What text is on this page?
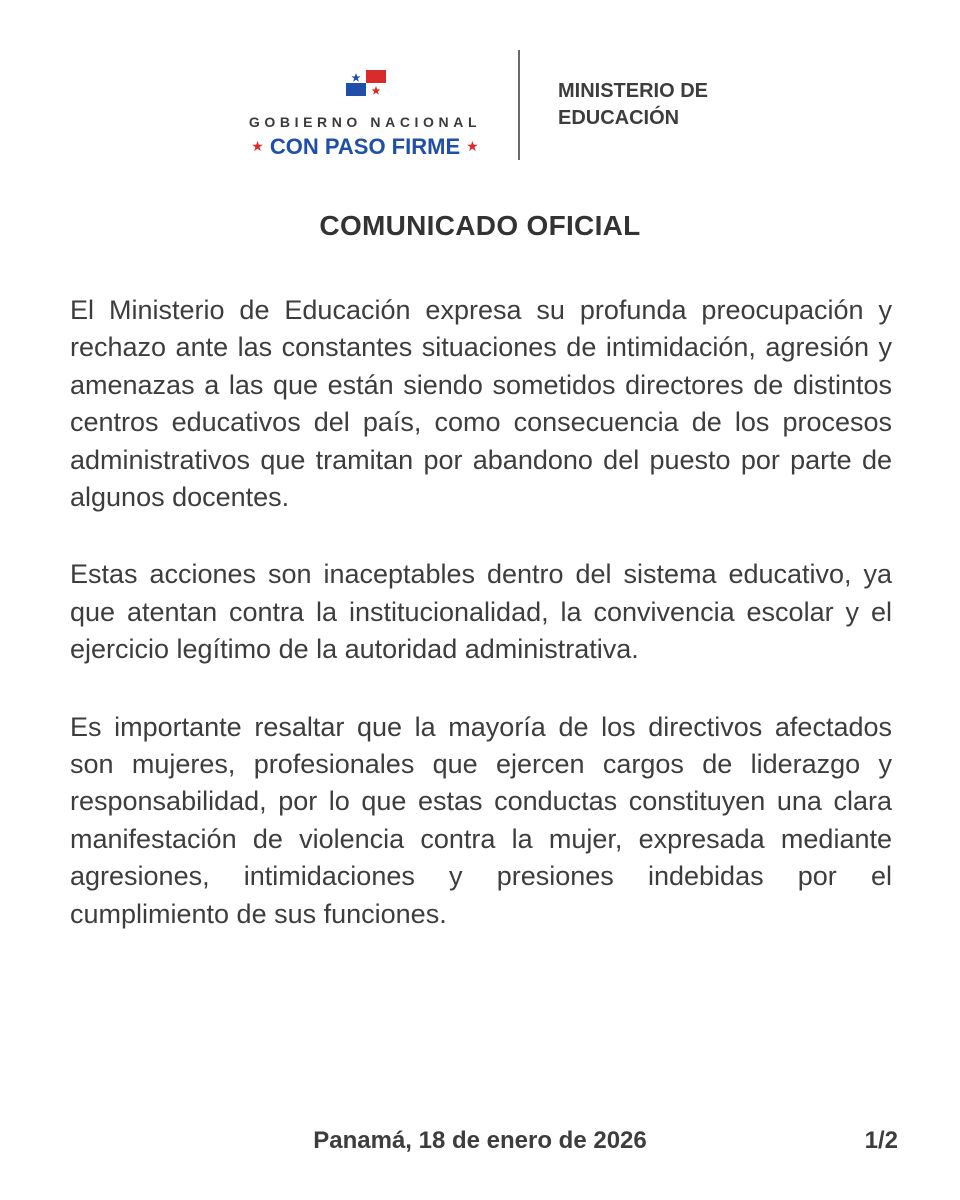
GOBIERNO NACIONAL
★ CON PASO FIRME ★
MINISTERIO DE
EDUCACIÓN
COMUNICADO OFICIAL

El Ministerio de Educación expresa su profunda preocupación y rechazo ante las constantes situaciones de intimidación, agresión y amenazas a las que están siendo sometidos directores de distintos centros educativos del país, como consecuencia de los procesos administrativos que tramitan por abandono del puesto por parte de algunos docentes.

Estas acciones son inaceptables dentro del sistema educativo, ya que atentan contra la institucionalidad, la convivencia escolar y el ejercicio legítimo de la autoridad administrativa.

Es importante resaltar que la mayoría de los directivos afectados son mujeres, profesionales que ejercen cargos de liderazgo y responsabilidad, por lo que estas conductas constituyen una clara manifestación de violencia contra la mujer, expresada mediante agresiones, intimidaciones y presiones indebidas por el cumplimiento de sus funciones.

Panamá, 18 de enero de 2026	1/2
